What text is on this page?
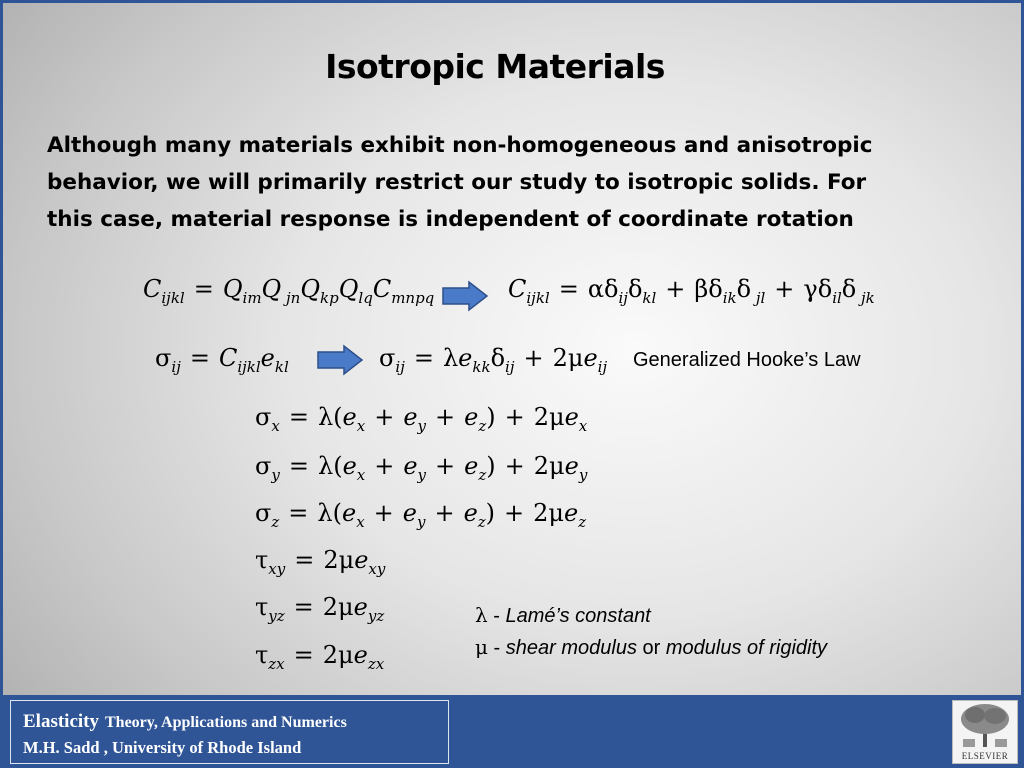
Isotropic Materials
Although many materials exhibit non-homogeneous and anisotropic
behavior, we will primarily restrict our study to isotropic solids. For
this case, material response is independent of coordinate rotation
$C_{ijkl} = Q_{im}Q$ $_{jn}Q_{kp}Q_{lq}C_{mnpq}$	$C_{ijkl} = \alpha\delta_{ij}\delta_{kl} + \beta\delta_{ik}\delta$ $_{jl} + \gamma\delta_{il}\delta$ $_{jk}$
$\sigma_{ij} = C_{ijkl}e_{kl}$	$\sigma_{ij} = \lambda e_{kk}\delta_{ij} + 2\mu e_{ij}$ Generalized Hooke’s Law
$\sigma_x = \lambda(e_x + e_y + e_z) + 2\mu e_x$
$\sigma_y = \lambda(e_x + e_y + e_z) + 2\mu e_y$
$\sigma_z = \lambda(e_x + e_y + e_z) + 2\mu e_z$
$\tau_{xy} = 2\mu e_{xy}$
$\tau_{yz} = 2\mu e_{yz}$
$\tau_{zx} = 2\mu e_{zx}$
λ - Lamé’s constant
μ - shear modulus or modulus of rigidity
Elasticity Theory, Applications and Numerics
M.H. Sadd , University of Rhode Island	ELSEVIER
